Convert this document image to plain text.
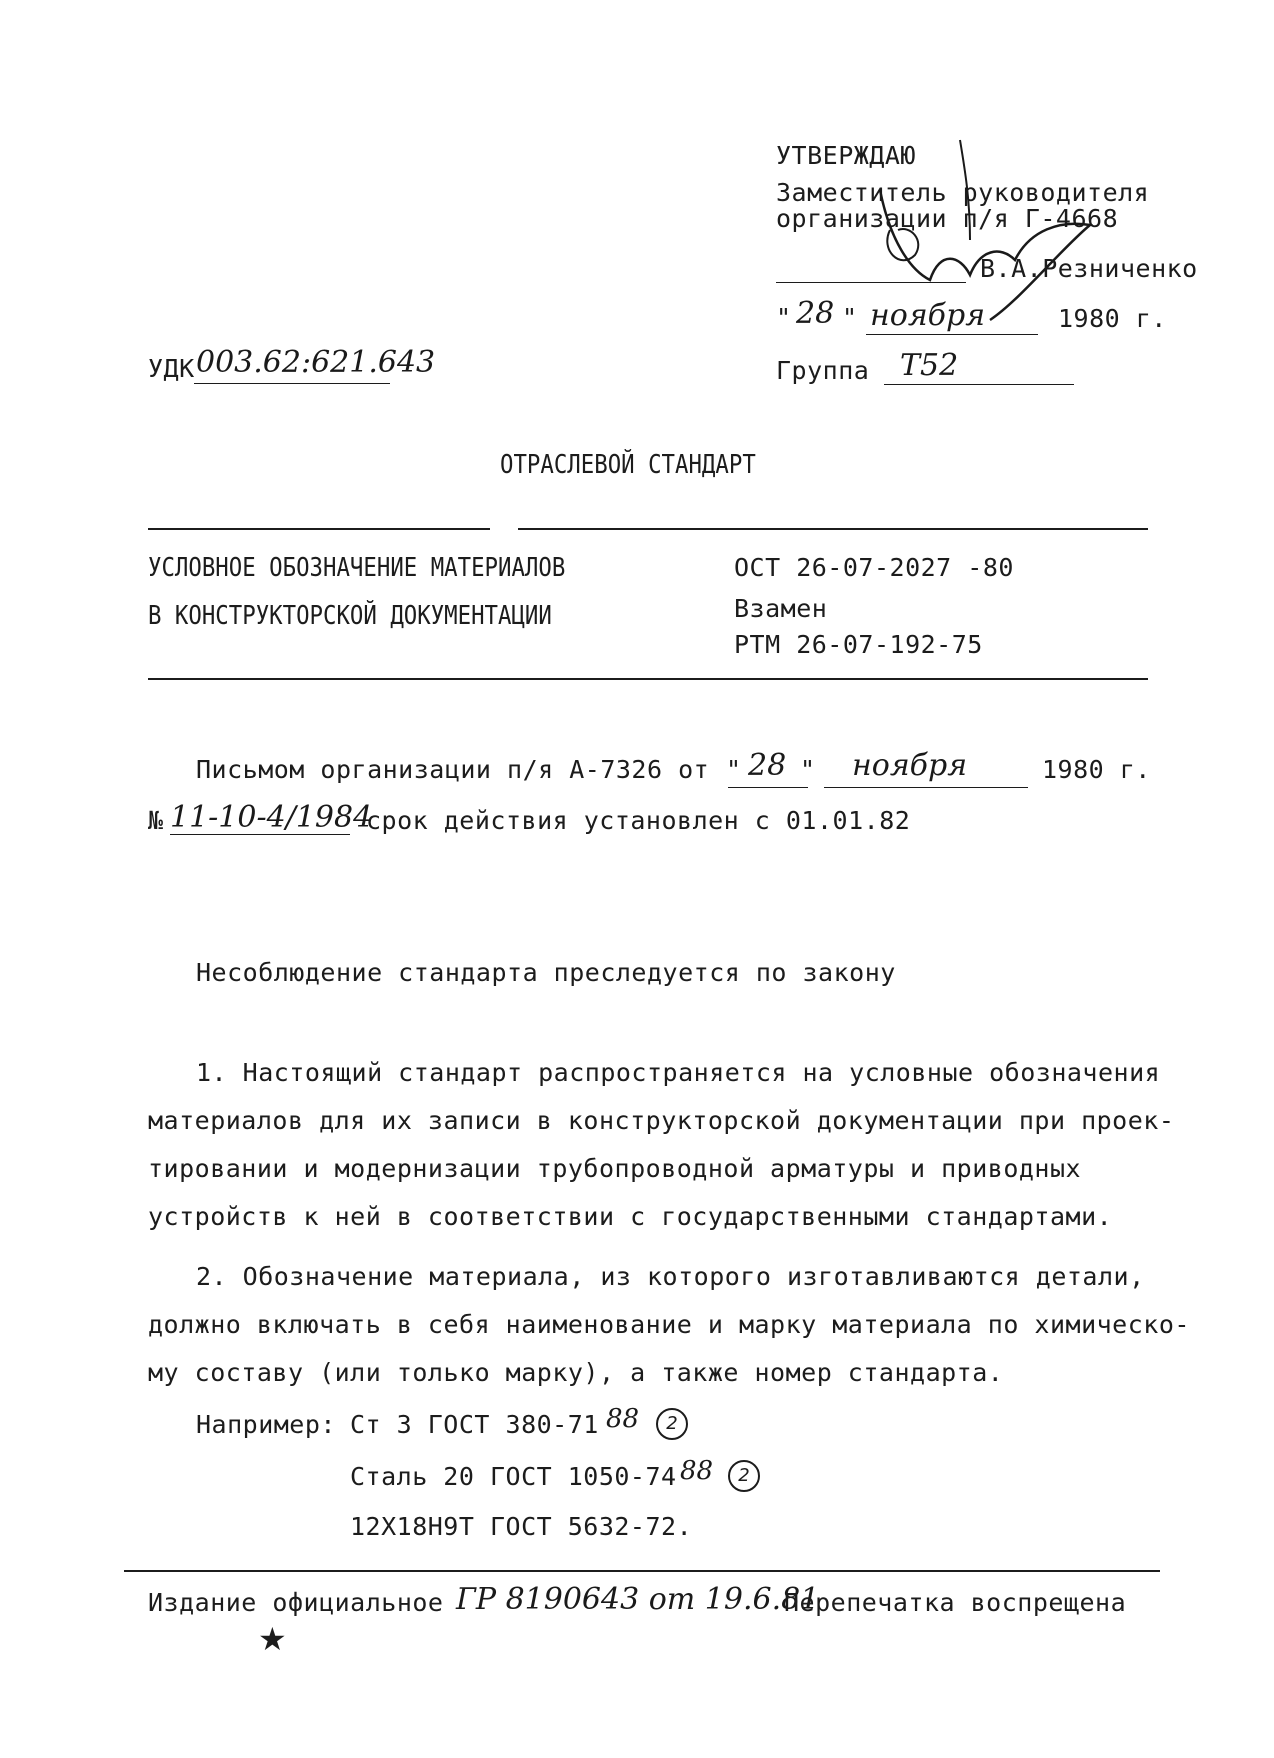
УТВЕРЖДАЮ
Заместитель руководителя
организации п/я Г-4668
В.А.Резниченко
" 28 " ноября	1980 г.
Группа Т52
УДК 003.62:621.643
ОТРАСЛЕВОЙ СТАНДАРТ
УСЛОВНОЕ ОБОЗНАЧЕНИЕ МАТЕРИАЛОВ
В КОНСТРУКТОРСКОЙ ДОКУМЕНТАЦИИ
ОСТ 26-07-2027 -80
Взамен
РТМ 26-07-192-75
Письмом организации п/я А-7326 от " 28 " ноября	1980 г.
№ 11-10-4/1984
срок действия установлен с 01.01.82
Несоблюдение стандарта преследуется по закону
1. Настоящий стандарт распространяется на условные обозначения
материалов для их записи в конструкторской документации при проек-
тировании и модернизации трубопроводной арматуры и приводных
устройств к ней в соответствии с государственными стандартами.
2. Обозначение материала, из которого изготавливаются детали,
должно включать в себя наименование и марку материала по химическо-
му составу (или только марку), а также номер стандарта.
Например: Ст 3 ГОСТ 380-71 88	2
Сталь 20 ГОСТ 1050-74 88	2
12Х18Н9Т ГОСТ 5632-72.
Издание официальное ГР 8190643 от 19.6.81
Перепечатка воспрещена
★
